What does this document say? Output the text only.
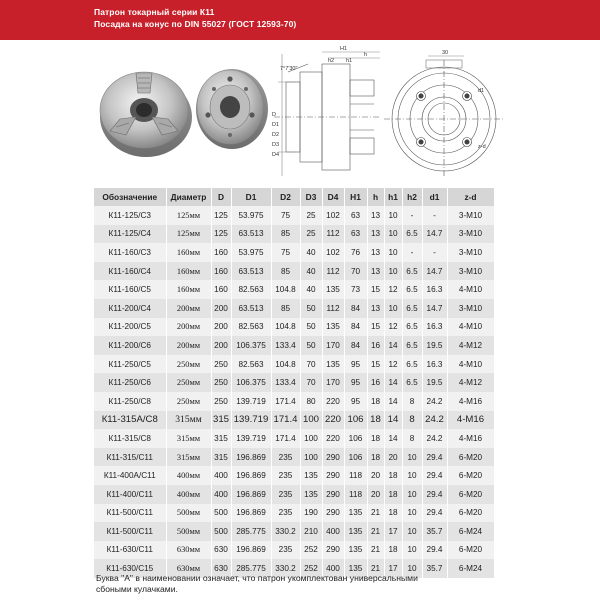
Патрон токарный серии К11
Посадка на конус по DIN 55027 (ГОСТ 12593-70)
H1
h
h1
h2
7°7'30"
30
D
D1
D2
D3
D4
d1
z-d
Обозначение	Диаметр	D	D1	D2	D3	D4	H1	h	h1	h2	d1	z-d
К11-125/С3	125мм	125	53.975	75	25	102	63	13	10	-	-	3-М10
К11-125/С4	125мм	125	63.513	85	25	112	63	13	10	6.5	14.7	3-М10
К11-160/С3	160мм	160	53.975	75	40	102	76	13	10	-	-	3-М10
К11-160/С4	160мм	160	63.513	85	40	112	70	13	10	6.5	14.7	3-М10
К11-160/С5	160мм	160	82.563	104.8	40	135	73	15	12	6.5	16.3	4-М10
К11-200/С4	200мм	200	63.513	85	50	112	84	13	10	6.5	14.7	3-М10
К11-200/С5	200мм	200	82.563	104.8	50	135	84	15	12	6.5	16.3	4-М10
К11-200/С6	200мм	200	106.375	133.4	50	170	84	16	14	6.5	19.5	4-М12
К11-250/С5	250мм	250	82.563	104.8	70	135	95	15	12	6.5	16.3	4-М10
К11-250/С6	250мм	250	106.375	133.4	70	170	95	16	14	6.5	19.5	4-М12
К11-250/С8	250мм	250	139.719	171.4	80	220	95	18	14	8	24.2	4-М16
К11-315А/С8	315мм	315	139.719	171.4	100	220	106	18	14	8	24.2	4-М16
К11-315/С8	315мм	315	139.719	171.4	100	220	106	18	14	8	24.2	4-М16
К11-315/С11	315мм	315	196.869	235	100	290	106	18	20	10	29.4	6-М20
К11-400А/С11	400мм	400	196.869	235	135	290	118	20	18	10	29.4	6-М20
К11-400/С11	400мм	400	196.869	235	135	290	118	20	18	10	29.4	6-М20
К11-500/С11	500мм	500	196.869	235	190	290	135	21	18	10	29.4	6-М20
К11-500/С11	500мм	500	285.775	330.2	210	400	135	21	17	10	35.7	6-М24
К11-630/С11	630мм	630	196.869	235	252	290	135	21	18	10	29.4	6-М20
К11-630/С15	630мм	630	285.775	330.2	252	400	135	21	17	10	35.7	6-М24
Буква "А" в наименовании означает, что патрон укомплектован универсальными
сбоными кулачками.
